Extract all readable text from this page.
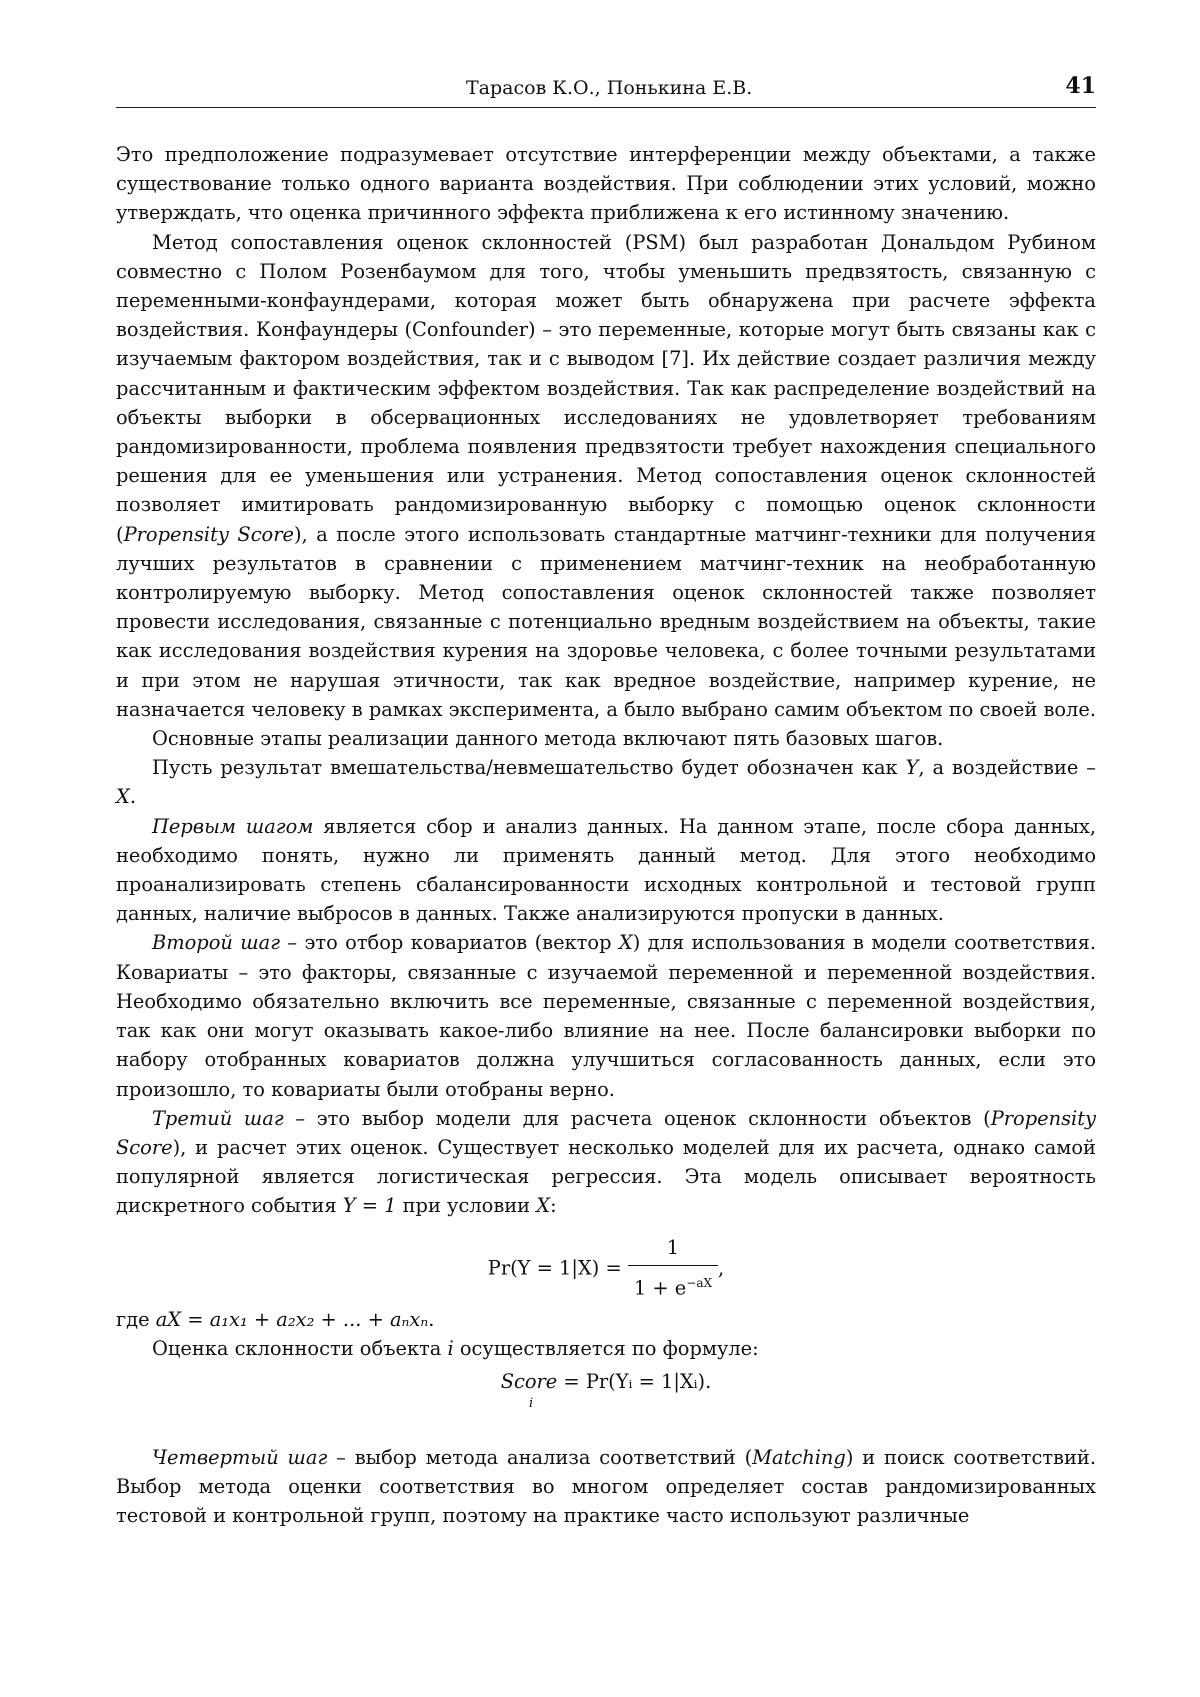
Тарасов К.О., Понькина Е.В.	41

Это предположение подразумевает отсутствие интерференции между объектами, а также существование только одного варианта воздействия. При соблюдении этих условий, можно утверждать, что оценка причинного эффекта приближена к его истинному значению.

Метод сопоставления оценок склонностей (PSM) был разработан Дональдом Рубином совместно с Полом Розенбаумом для того, чтобы уменьшить предвзятость, связанную с переменными-конфаундерами, которая может быть обнаружена при расчете эффекта воздействия. Конфаундеры (Confounder) – это переменные, которые могут быть связаны как с изучаемым фактором воздействия, так и с выводом [7]. Их действие создает различия между рассчитанным и фактическим эффектом воздействия. Так как распределение воздействий на объекты выборки в обсервационных исследованиях не удовлетворяет требованиям рандомизированности, проблема появления предвзятости требует нахождения специального решения для ее уменьшения или устранения. Метод сопоставления оценок склонностей позволяет имитировать рандомизированную выборку с помощью оценок склонности (Propensity Score), а после этого использовать стандартные матчинг-техники для получения лучших результатов в сравнении с применением матчинг-техник на необработанную контролируемую выборку. Метод сопоставления оценок склонностей также позволяет провести исследования, связанные с потенциально вредным воздействием на объекты, такие как исследования воздействия курения на здоровье человека, с более точными результатами и при этом не нарушая этичности, так как вредное воздействие, например курение, не назначается человеку в рамках эксперимента, а было выбрано самим объектом по своей воле.

Основные этапы реализации данного метода включают пять базовых шагов.

Пусть результат вмешательства/невмешательство будет обозначен как Y, а воздействие – X.

Первым шагом является сбор и анализ данных. На данном этапе, после сбора данных, необходимо понять, нужно ли применять данный метод. Для этого необходимо проанализировать степень сбалансированности исходных контрольной и тестовой групп данных, наличие выбросов в данных. Также анализируются пропуски в данных.

Второй шаг – это отбор ковариатов (вектор X) для использования в модели соответствия. Ковариаты – это факторы, связанные с изучаемой переменной и переменной воздействия. Необходимо обязательно включить все переменные, связанные с переменной воздействия, так как они могут оказывать какое-либо влияние на нее. После балансировки выборки по набору отобранных ковариатов должна улучшиться согласованность данных, если это произошло, то ковариаты были отобраны верно.

Третий шаг – это выбор модели для расчета оценок склонности объектов (Propensity Score), и расчет этих оценок. Существует несколько моделей для их расчета, однако самой популярной является логистическая регрессия. Эта модель описывает вероятность дискретного события Y = 1 при условии X:

$Pr(Y = 1|X) = \frac{1}{1 + e^{-aX}}$ ,

где aX = a₁x₁ + a₂x₂ + ... + aₙxₙ.

Оценка склонности объекта i осуществляется по формуле:

Score
i
= Pr(Yᵢ = 1|Xᵢ).

Четвертый шаг – выбор метода анализа соответствий (Matching) и поиск соответствий. Выбор метода оценки соответствия во многом определяет состав рандомизированных тестовой и контрольной групп, поэтому на практике часто используют различные
